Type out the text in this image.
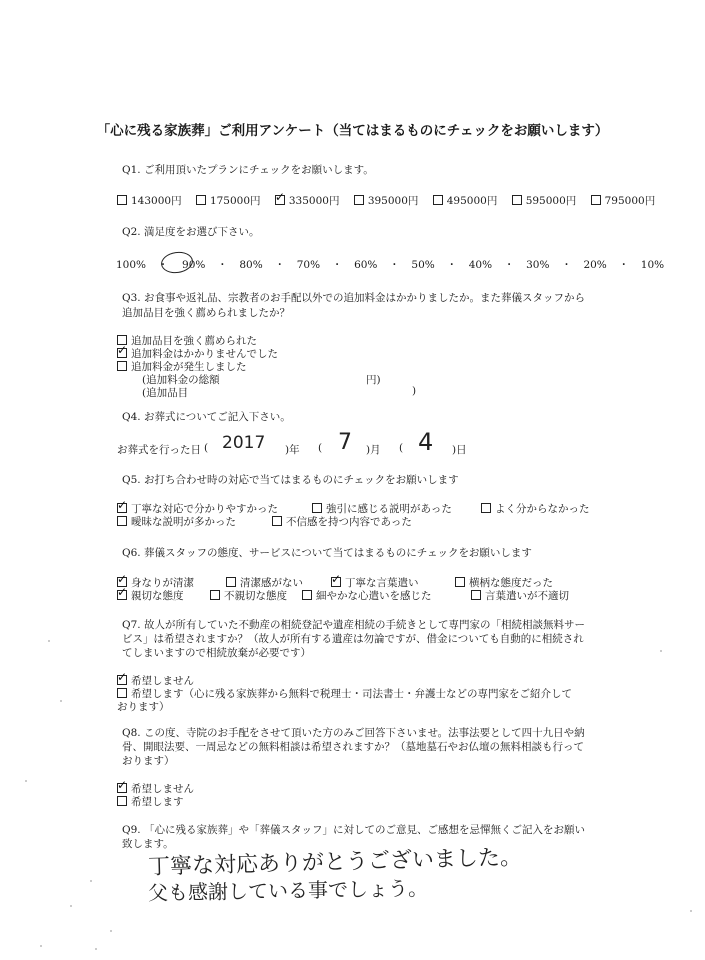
「心に残る家族葬」ご利用アンケート（当てはまるものにチェックをお願いします）
Q1. ご利用頂いたプランにチェックをお願いします。
143000円	175000円 ✓	335000円	395000円	495000円	595000円	795000円
Q2. 満足度をお選び下さい。
100% ・ 90% ・ 80% ・ 70% ・ 60% ・ 50% ・ 40% ・ 30% ・ 20% ・ 10%
Q3. お食事や返礼品、宗教者のお手配以外での追加料金はかかりましたか。また葬儀スタッフから
追加品目を強く薦められましたか？
追加品目を強く薦められた
✓追加料金はかかりませんでした
追加料金が発生しました
(追加料金の総額	円)
(追加品目	)
Q4. お葬式についてご記入下さい。
お葬式を行った日 ( 2017 )年 ( 7 )月 ( 4 )日
Q5. お打ち合わせ時の対応で当てはまるものにチェックをお願いします
✓丁寧な対応で分かりやすかった	強引に感じる説明があった	よく分からなかった
曖昧な説明が多かった	不信感を持つ内容であった
Q6. 葬儀スタッフの態度、サービスについて当てはまるものにチェックをお願いします
✓身なりが清潔	清潔感がない ✓	丁寧な言葉遣い	横柄な態度だった
✓親切な態度	不親切な態度	細やかな心遣いを感じた	言葉遣いが不適切
Q7. 故人が所有していた不動産の相続登記や遺産相続の手続きとして専門家の「相続相談無料サー
ビス」は希望されますか？（故人が所有する遺産は勿論ですが、借金についても自動的に相続され
てしまいますので相続放棄が必要です）
✓希望しません
希望します（心に残る家族葬から無料で税理士・司法書士・弁護士などの専門家をご紹介して
おります）
Q8. この度、寺院のお手配をさせて頂いた方のみご回答下さいませ。法事法要として四十九日や納
骨、開眼法要、一周忌などの無料相談は希望されますか？（墓地墓石やお仏壇の無料相談も行って
おります）
✓希望しません
希望します
Q9. 「心に残る家族葬」や「葬儀スタッフ」に対してのご意見、ご感想を忌憚無くご記入をお願い
致します。
丁寧な対応ありがとうございました。
父も感謝している事でしょう。
